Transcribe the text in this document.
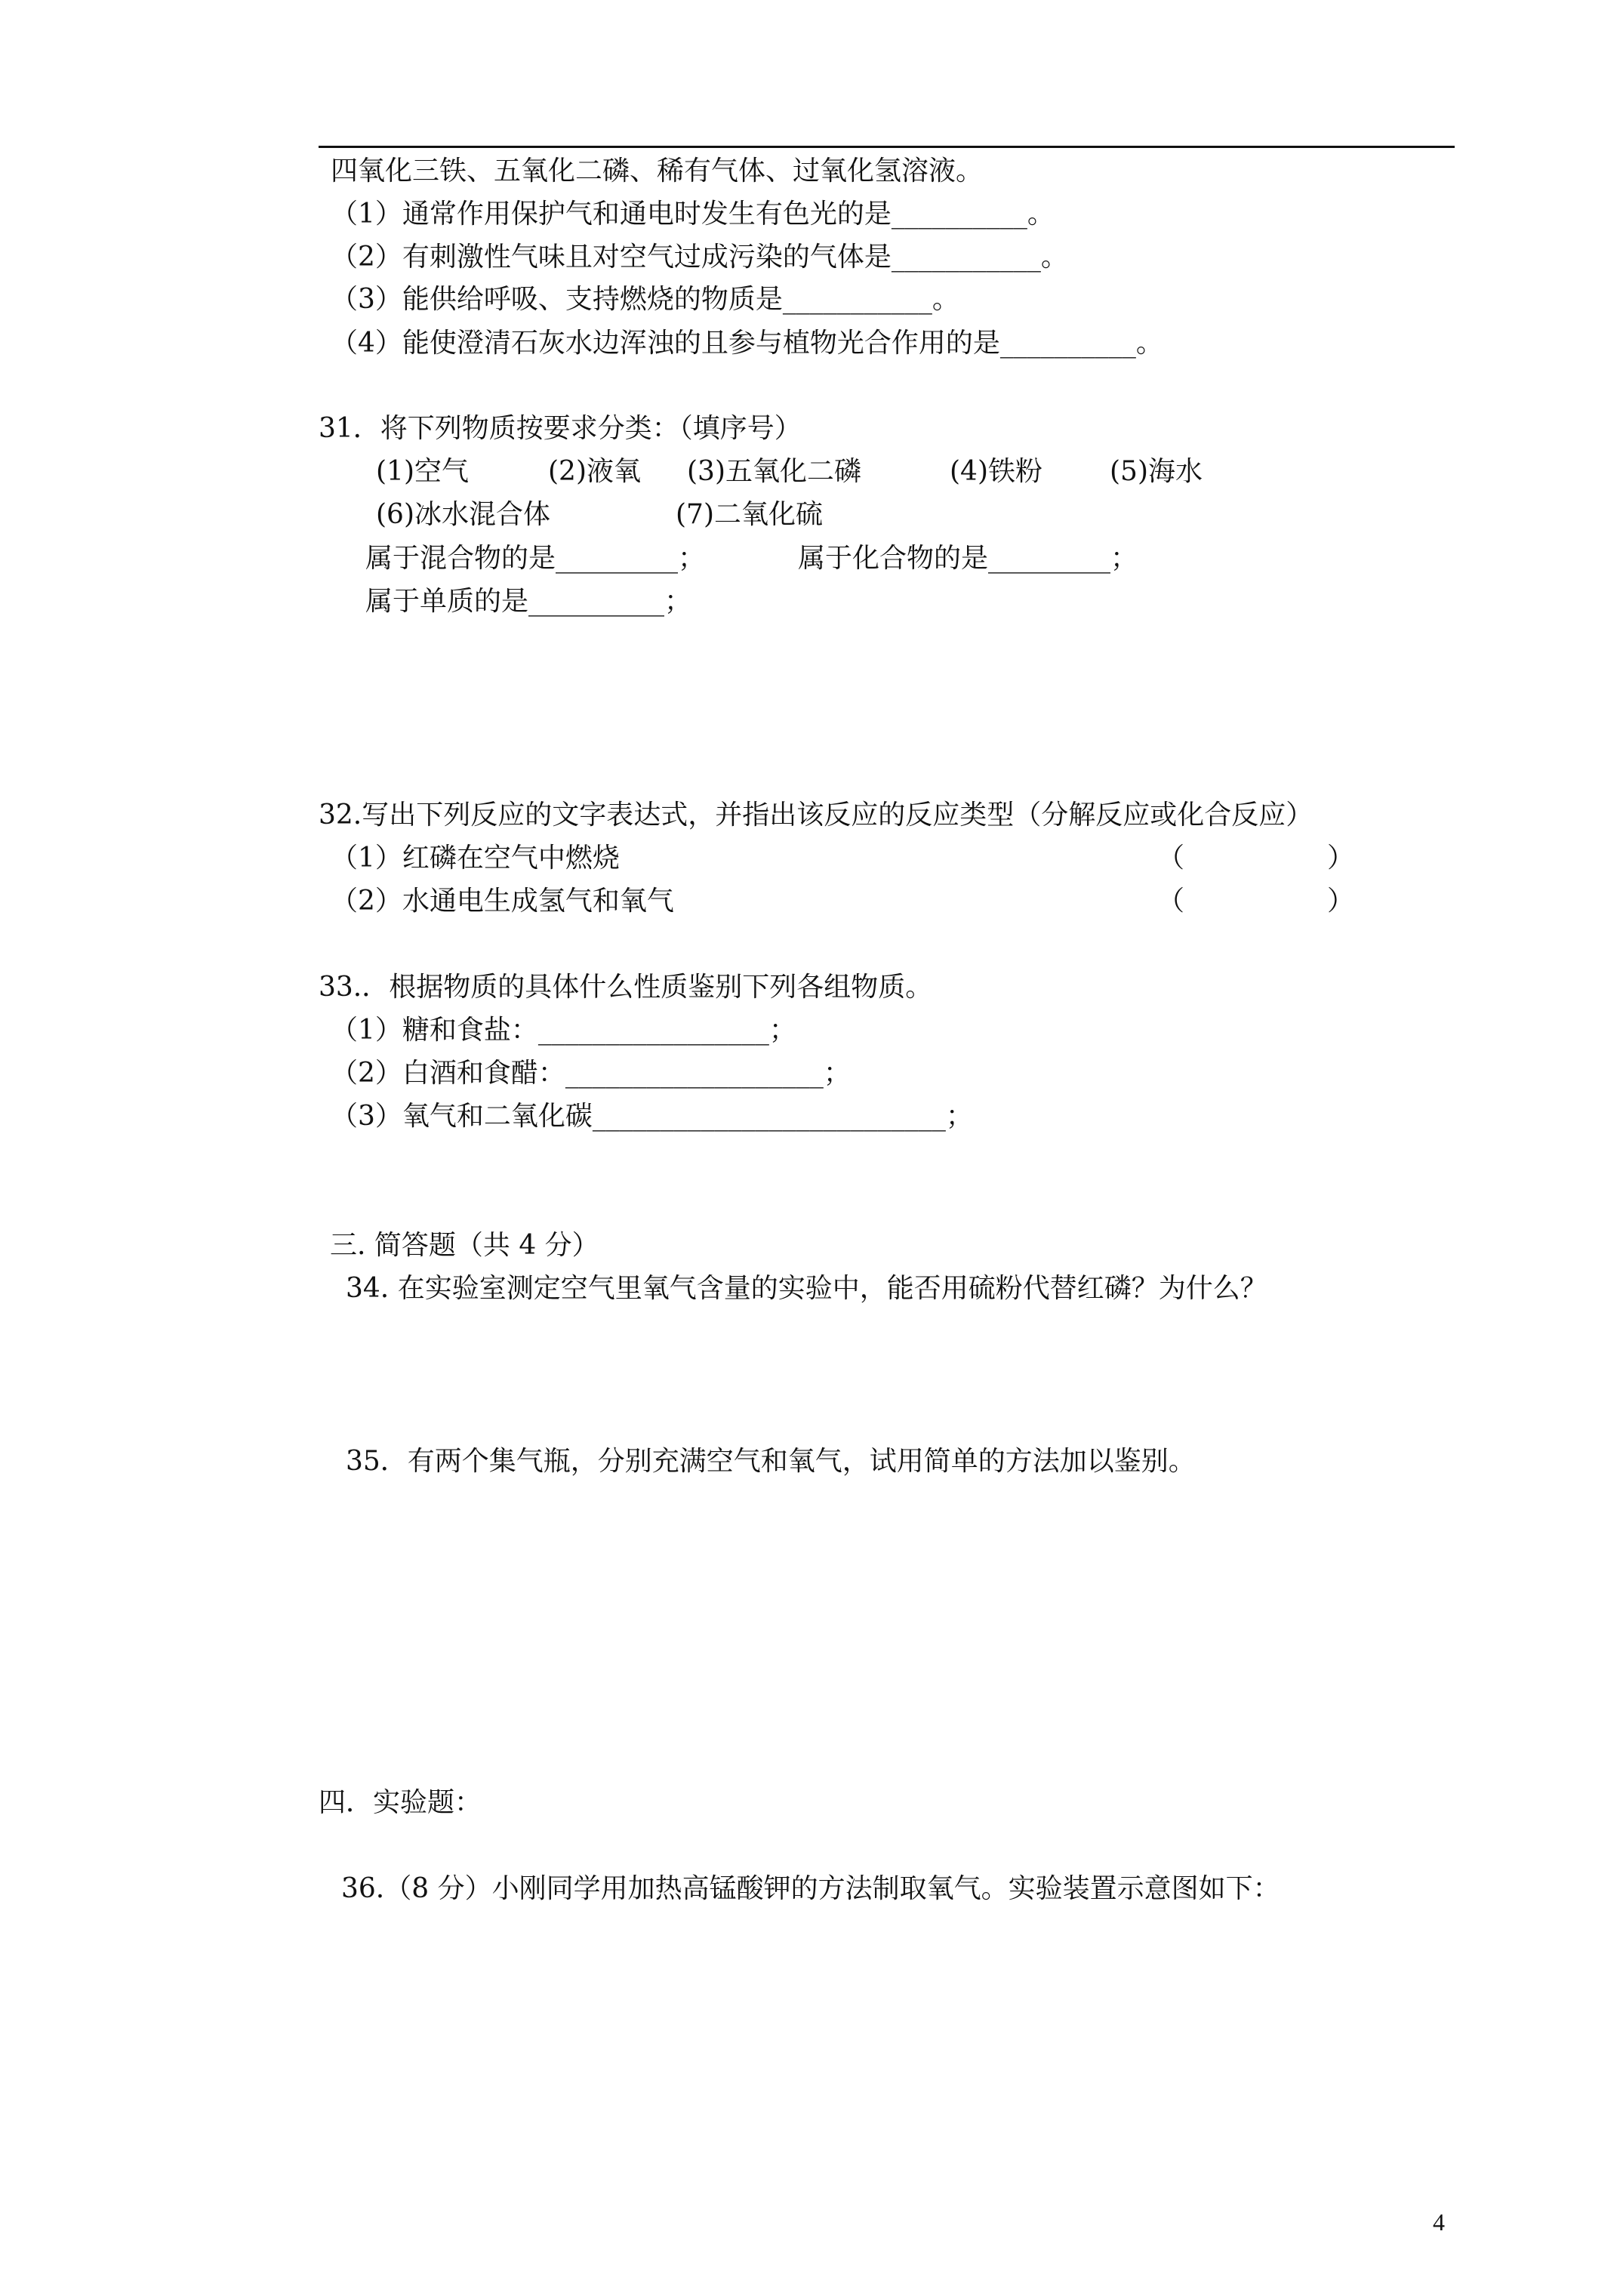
四氧化三铁、五氧化二磷、稀有气体、过氧化氢溶液。
（1）通常作用保护气和通电时发生有色光的是__________。
（2）有刺激性气味且对空气过成污染的气体是___________。
（3）能供给呼吸、支持燃烧的物质是___________。
（4）能使澄清石灰水边浑浊的且参与植物光合作用的是__________。
31．将下列物质按要求分类：（填序号）
(1)空气	(2)液氧 (3)五氧化二磷	(4)铁粉 (5)海水
(6)冰水混合体	(7)二氧化硫
属于混合物的是_________；	属于化合物的是_________；
属于单质的是__________；
32.写出下列反应的文字表达式，并指出该反应的反应类型（分解反应或化合反应）
（1）红磷在空气中燃烧	（	）
（2）水通电生成氢气和氧气	（	）
33.．根据物质的具体什么性质鉴别下列各组物质。
（1）糖和食盐：_________________；
（2）白酒和食醋：___________________；
（3）氧气和二氧化碳__________________________；
三. 简答题（共 4 分）
34. 在实验室测定空气里氧气含量的实验中，能否用硫粉代替红磷？为什么？
35．有两个集气瓶，分别充满空气和氧气，试用简单的方法加以鉴别。
四．实验题：
36.（8 分）小刚同学用加热高锰酸钾的方法制取氧气。实验装置示意图如下：
4
